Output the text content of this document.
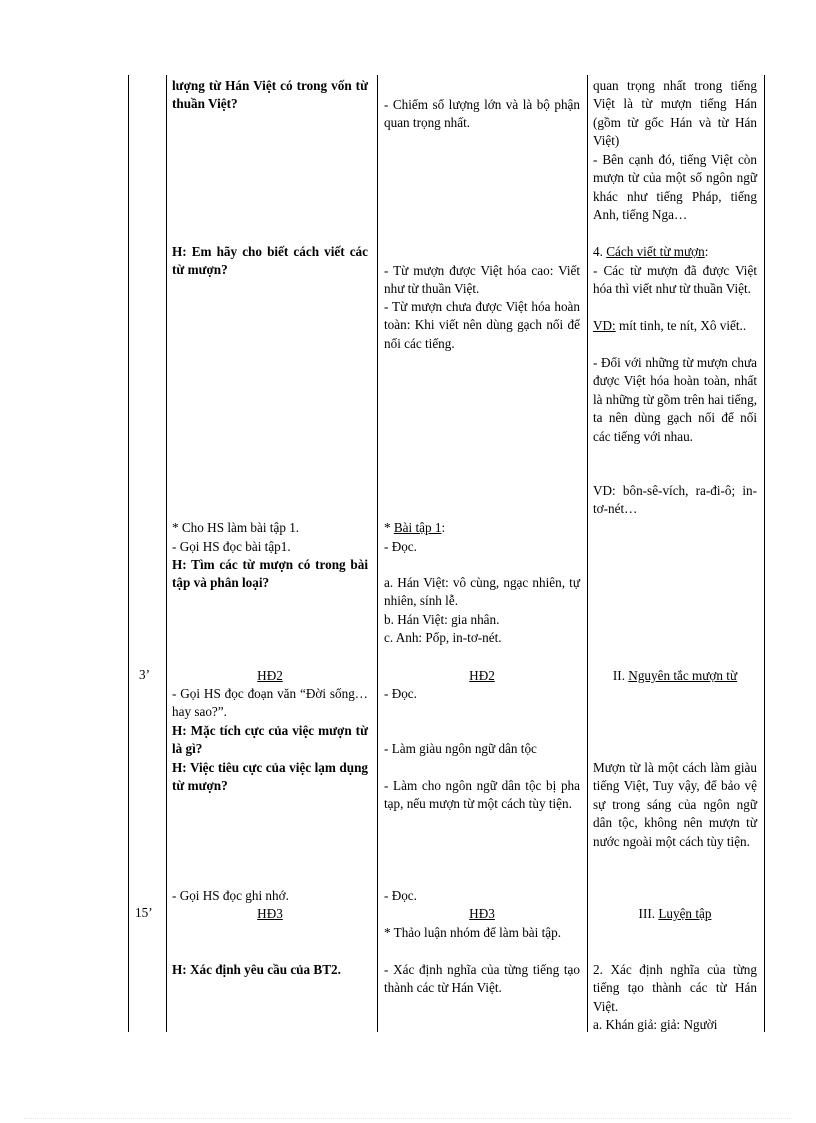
3’
15’

lượng từ Hán Việt có trong vốn từ thuần Việt?

H: Em hãy cho biết cách viết các từ mượn?

* Cho HS làm bài tập 1.

- Gọi HS đọc bài tập1.

H: Tìm các từ mượn có trong bài tập và phân loại?

HĐ2

- Gọi HS đọc đoạn văn “Đời sống… hay sao?”.

H: Mặc tích cực của việc mượn từ là gì?

H: Việc tiêu cực của việc lạm dụng từ mượn?

- Gọi HS đọc ghi nhớ.

HĐ3

H: Xác định yêu cầu của BT2.

- Chiếm số lượng lớn và là bộ phận quan trọng nhất.

- Từ mượn được Việt hóa cao: Viết như từ thuần Việt.

- Từ mượn chưa được Việt hóa hoàn toàn: Khi viết nên dùng gạch nối để nối các tiếng.

* Bài tập 1:

- Đọc.

a. Hán Việt: vô cùng, ngạc nhiên, tự nhiên, sính lễ.

b. Hán Việt: gia nhân.

c. Anh: Pốp, in-tơ-nét.

HĐ2

- Đọc.

- Làm giàu ngôn ngữ dân tộc

- Làm cho ngôn ngữ dân tộc bị pha tạp, nếu mượn từ một cách tùy tiện.

- Đọc.

HĐ3

* Thảo luận nhóm để làm bài tập.

- Xác định nghĩa của từng tiếng tạo thành các từ Hán Việt.

quan trọng nhất trong tiếng Việt là từ mượn tiếng Hán (gồm từ gốc Hán và từ Hán Việt)

- Bên cạnh đó, tiếng Việt còn mượn từ của một số ngôn ngữ khác như tiếng Pháp, tiếng Anh, tiếng Nga…

4. Cách viết từ mượn:

- Các từ mượn đã được Việt hóa thì viết như từ thuần Việt.

VD: mít tinh, te nít, Xô viết..

- Đối với những từ mượn chưa được Việt hóa hoàn toàn, nhất là những từ gồm trên hai tiếng, ta nên dùng gạch nối để nối các tiếng với nhau.

VD: bôn-sê-vích, ra-đi-ô; in-tơ-nét…

II. Nguyên tắc mượn từ

Mượn từ là một cách làm giàu tiếng Việt, Tuy vậy, để bảo vệ sự trong sáng của ngôn ngữ dân tộc, không nên mượn từ nước ngoài một cách tùy tiện.

III. Luyện tập

2. Xác định nghĩa của từng tiếng tạo thành các từ Hán Việt.

a. Khán giả: giả: Người
